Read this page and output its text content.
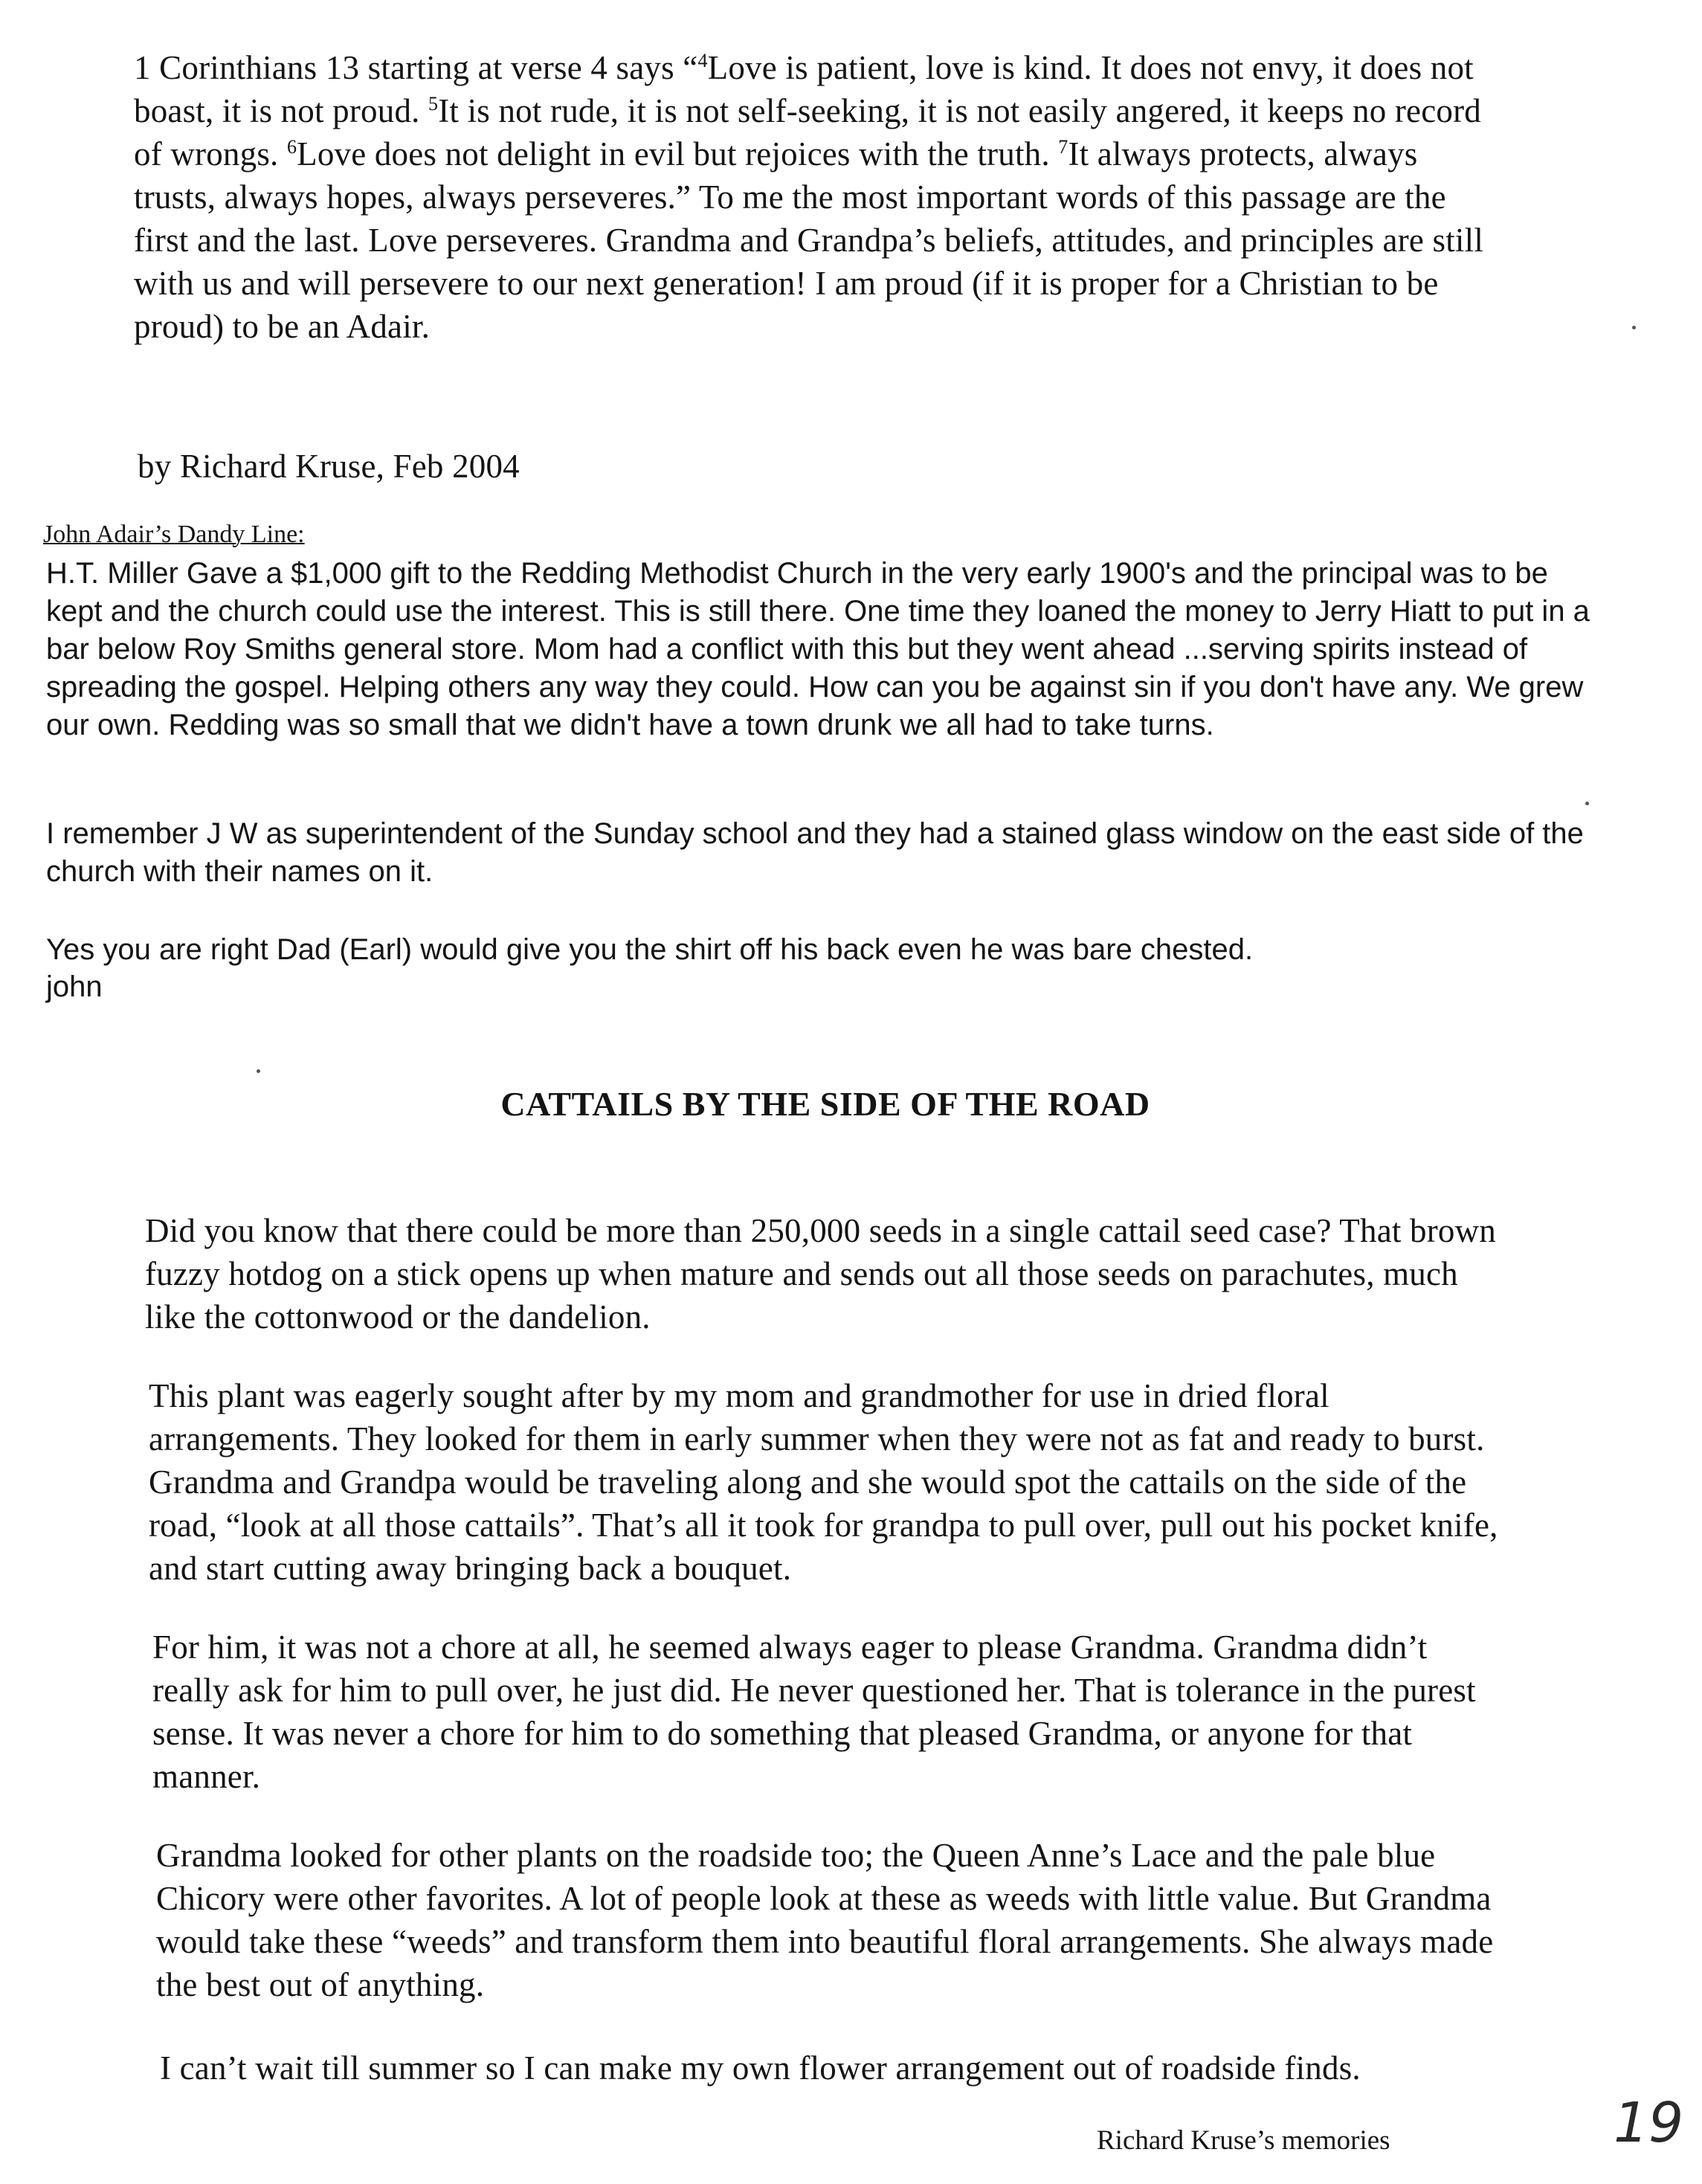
1 Corinthians 13 starting at verse 4 says “$^4$Love is patient, love is kind. It does not envy, it does not boast, it is not proud. $^5$It is not rude, it is not self-seeking, it is not easily angered, it keeps no record of wrongs. $^6$Love does not delight in evil but rejoices with the truth. $^7$It always protects, always trusts, always hopes, always perseveres.” To me the most important words of this passage are the first and the last. Love perseveres. Grandma and Grandpa’s beliefs, attitudes, and principles are still with us and will persevere to our next generation! I am proud (if it is proper for a Christian to be proud) to be an Adair.

by Richard Kruse, Feb 2004
John Adair’s Dandy Line:
H.T. Miller Gave a $1,000 gift to the Redding Methodist Church in the very early 1900's and the principal was to be kept and the church could use the interest. This is still there. One time they loaned the money to Jerry Hiatt to put in a bar below Roy Smiths general store. Mom had a conflict with this but they went ahead ...serving spirits instead of spreading the gospel. Helping others any way they could. How can you be against sin if you don't have any. We grew our own. Redding was so small that we didn't have a town drunk we all had to take turns.
I remember J W as superintendent of the Sunday school and they had a stained glass window on the east side of the church with their names on it.
Yes you are right Dad (Earl) would give you the shirt off his back even he was bare chested.
john
CATTAILS BY THE SIDE OF THE ROAD
Did you know that there could be more than 250,000 seeds in a single cattail seed case? That brown fuzzy hotdog on a stick opens up when mature and sends out all those seeds on parachutes, much like the cottonwood or the dandelion.
This plant was eagerly sought after by my mom and grandmother for use in dried floral arrangements. They looked for them in early summer when they were not as fat and ready to burst. Grandma and Grandpa would be traveling along and she would spot the cattails on the side of the road, “look at all those cattails”. That’s all it took for grandpa to pull over, pull out his pocket knife, and start cutting away bringing back a bouquet.
For him, it was not a chore at all, he seemed always eager to please Grandma. Grandma didn’t really ask for him to pull over, he just did. He never questioned her. That is tolerance in the purest sense. It was never a chore for him to do something that pleased Grandma, or anyone for that manner.
Grandma looked for other plants on the roadside too; the Queen Anne’s Lace and the pale blue Chicory were other favorites. A lot of people look at these as weeds with little value. But Grandma would take these “weeds” and transform them into beautiful floral arrangements. She always made the best out of anything.
I can’t wait till summer so I can make my own flower arrangement out of roadside finds.
Richard Kruse’s memories	19
